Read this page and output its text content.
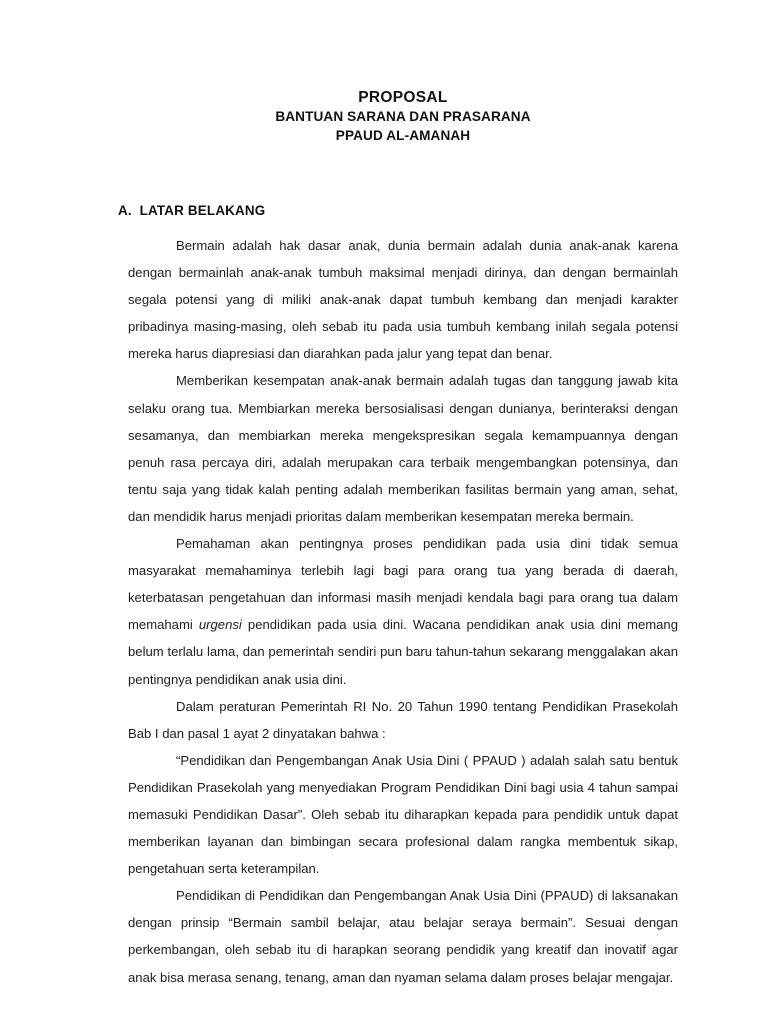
PROPOSAL
BANTUAN SARANA DAN PRASARANA
PPAUD AL-AMANAH
A.  LATAR BELAKANG

Bermain adalah hak dasar anak, dunia bermain adalah dunia anak-anak karena dengan bermainlah anak-anak tumbuh maksimal menjadi dirinya, dan dengan bermainlah segala potensi yang di miliki anak-anak dapat tumbuh kembang dan menjadi karakter pribadinya masing-masing, oleh sebab itu pada usia tumbuh kembang inilah segala potensi mereka harus diapresiasi dan diarahkan pada jalur yang tepat dan benar.

Memberikan kesempatan anak-anak bermain adalah tugas dan tanggung jawab kita selaku orang tua. Membiarkan mereka bersosialisasi dengan dunianya, berinteraksi dengan sesamanya, dan membiarkan mereka mengekspresikan segala kemampuannya dengan penuh rasa percaya diri, adalah merupakan cara terbaik mengembangkan potensinya, dan tentu saja yang tidak kalah penting adalah memberikan fasilitas bermain yang aman, sehat, dan mendidik harus menjadi prioritas dalam memberikan kesempatan mereka bermain.

Pemahaman akan pentingnya proses pendidikan pada usia dini tidak semua masyarakat memahaminya terlebih lagi bagi para orang tua yang berada di daerah, keterbatasan pengetahuan dan informasi masih menjadi kendala bagi para orang tua dalam memahami urgensi pendidikan pada usia dini. Wacana pendidikan anak usia dini memang belum terlalu lama, dan pemerintah sendiri pun baru tahun-tahun sekarang menggalakan akan pentingnya pendidikan anak usia dini.

Dalam peraturan Pemerintah RI No. 20 Tahun 1990 tentang Pendidikan Prasekolah Bab I dan pasal 1 ayat 2 dinyatakan bahwa :

“Pendidikan dan Pengembangan Anak Usia Dini ( PPAUD ) adalah salah satu bentuk Pendidikan Prasekolah yang menyediakan Program Pendidikan Dini bagi usia 4 tahun sampai memasuki Pendidikan Dasar”. Oleh sebab itu diharapkan kepada para pendidik untuk dapat memberikan layanan dan bimbingan secara profesional dalam rangka membentuk sikap, pengetahuan serta keterampilan.

Pendidikan di Pendidikan dan Pengembangan Anak Usia Dini (PPAUD) di laksanakan dengan prinsip “Bermain sambil belajar, atau belajar seraya bermain”. Sesuai dengan perkembangan, oleh sebab itu di harapkan seorang pendidik yang kreatif dan inovatif agar anak bisa merasa senang, tenang, aman dan nyaman selama dalam proses belajar mengajar.
